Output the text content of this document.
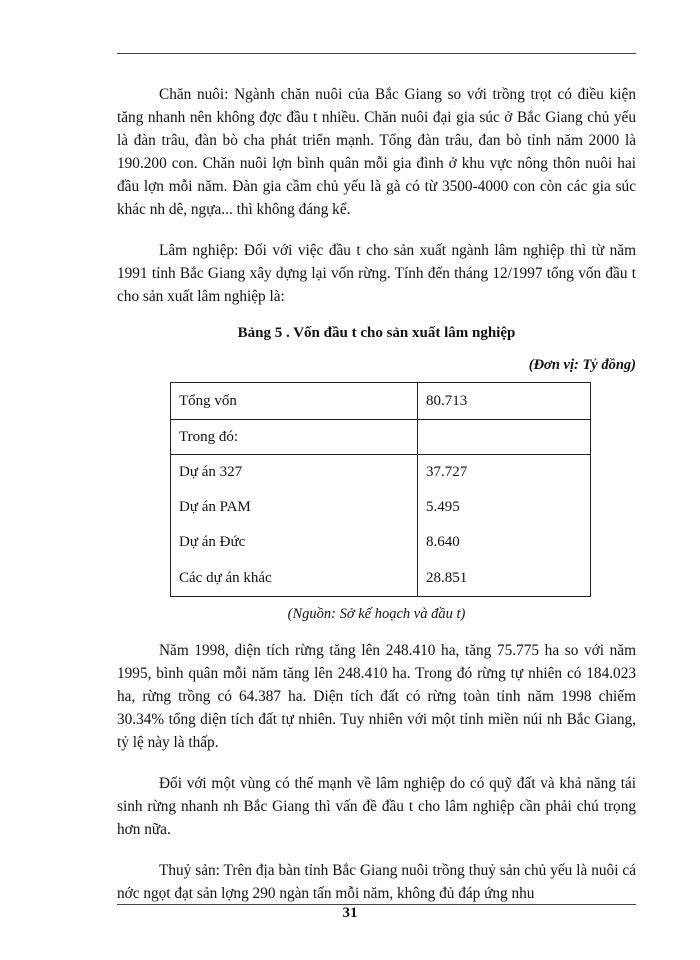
Chăn nuôi: Ngành chăn nuôi của Bắc Giang so với trồng trọt có điều kiện tăng nhanh nên không đợc đầu t nhiều. Chăn nuôi đại gia súc ở Bắc Giang chủ yếu là đàn trâu, đàn bò cha phát triển mạnh. Tổng đàn trâu, đan bò tỉnh năm 2000 là 190.200 con. Chăn nuôi lợn bình quân mỗi gia đình ở khu vực nông thôn nuôi hai đầu lợn mỗi năm. Đàn gia cầm chủ yếu là gà có từ 3500-4000 con còn các gia súc khác nh dê, ngựa... thì không đáng kể.

Lâm nghiệp: Đối với việc đầu t cho sản xuất ngành lâm nghiệp thì từ năm 1991 tỉnh Bắc Giang xây dựng lại vốn rừng. Tính đến tháng 12/1997 tổng vốn đầu t cho sản xuất lâm nghiệp là:

Bảng 5 . Vốn đầu t cho sản xuất lâm nghiệp
(Đơn vị: Tỷ đồng)
Tổng vốn	80.713
Trong đó:	
Dự án 327	37.727
Dự án PAM	5.495
Dự án Đức	8.640
Các dự án khác	28.851
(Nguồn: Sở kế hoạch và đầu t)

Năm 1998, diện tích rừng tăng lên 248.410 ha, tăng 75.775 ha so với năm 1995, bình quân mỗi năm tăng lên 248.410 ha. Trong đó rừng tự nhiên có 184.023 ha, rừng trồng có 64.387 ha. Diện tích đất có rừng toàn tỉnh năm 1998 chiếm 30.34% tổng diện tích đất tự nhiên. Tuy nhiên với một tỉnh miền núi nh Bắc Giang, tỷ lệ này là thấp.

Đối với một vùng có thế mạnh về lâm nghiệp do có quỹ đất và khả năng tái sinh rừng nhanh nh Bắc Giang thì vấn đề đầu t cho lâm nghiệp cần phải chú trọng hơn nữa.

Thuỷ sản: Trên địa bàn tỉnh Bắc Giang nuôi trồng thuỷ sản chủ yếu là nuôi cá nớc ngọt đạt sản lợng 290 ngàn tấn mỗi năm, không đủ đáp ứng nhu

31
